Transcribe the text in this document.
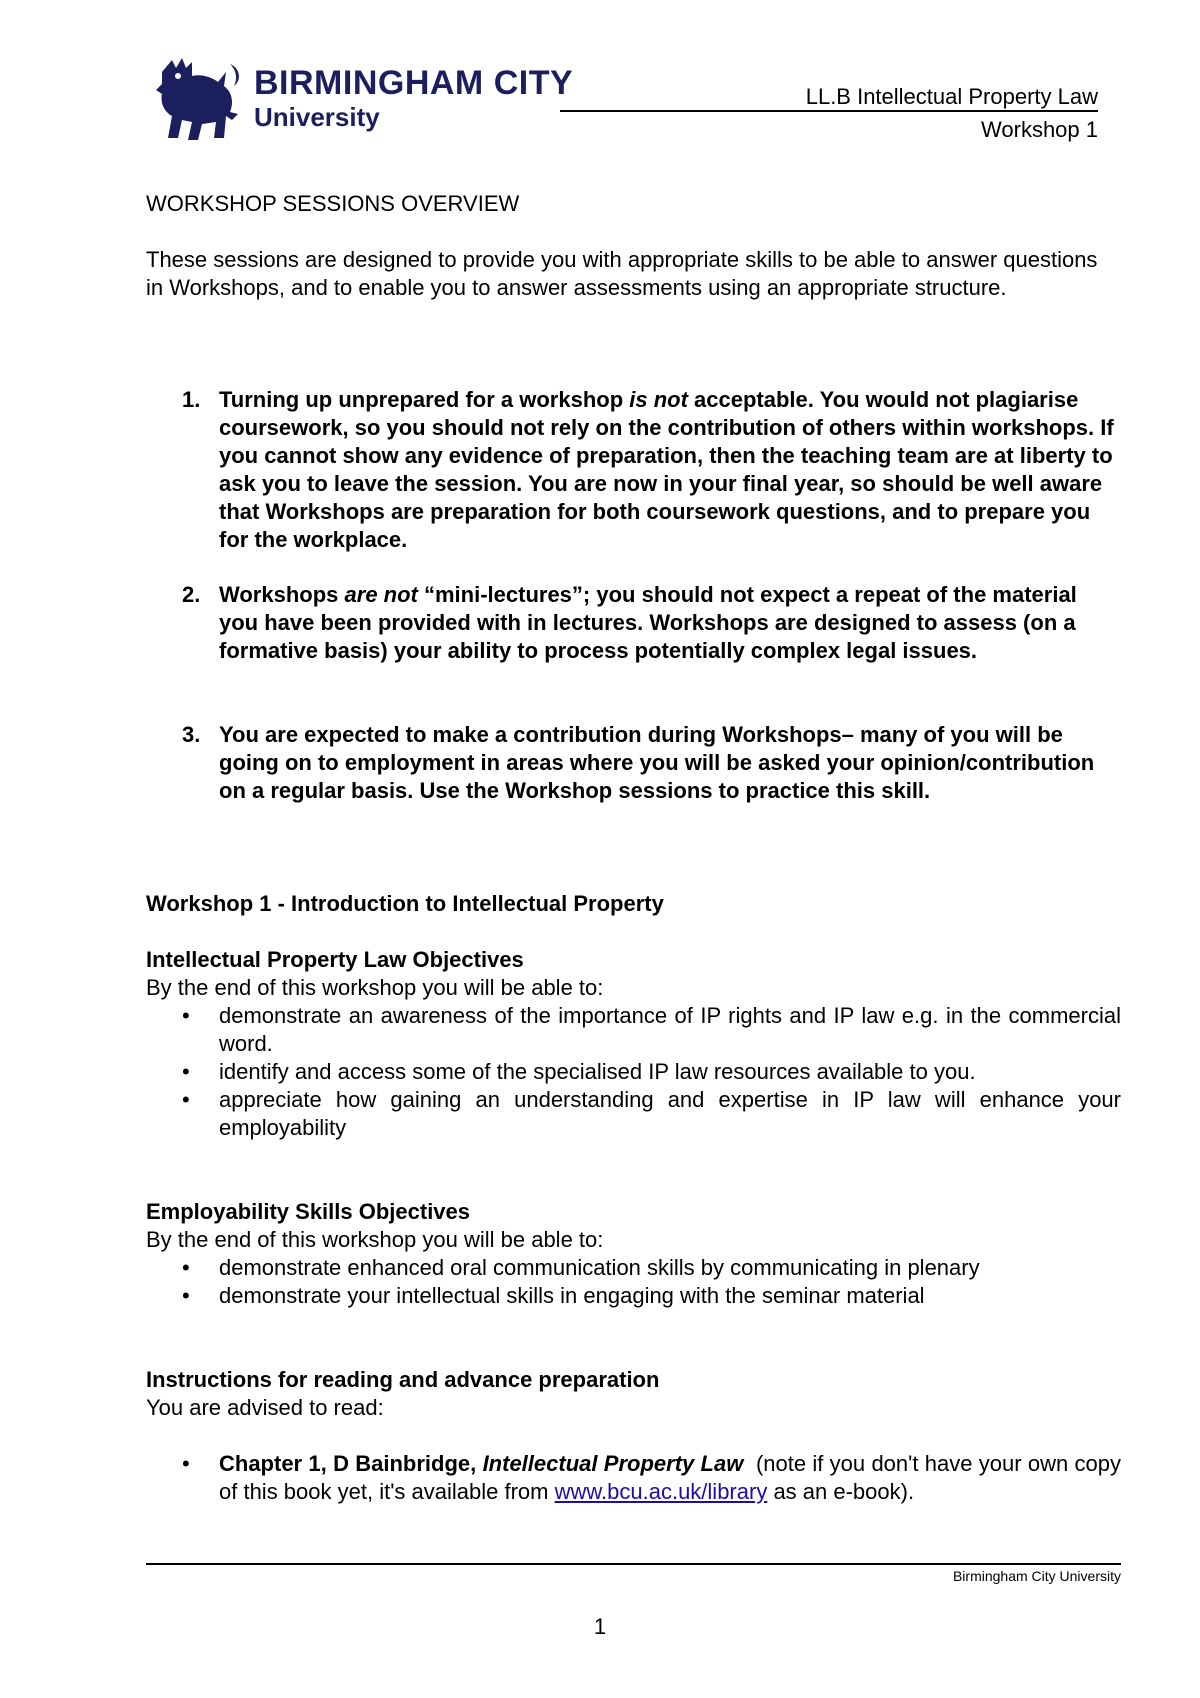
BIRMINGHAM CITY
University
LL.B Intellectual Property Law
Workshop 1
WORKSHOP SESSIONS OVERVIEW
These sessions are designed to provide you with appropriate skills to be able to answer questions in Workshops, and to enable you to answer assessments using an appropriate structure.
1. Turning up unprepared for a workshop is not acceptable. You would not plagiarise coursework, so you should not rely on the contribution of others within workshops. If you cannot show any evidence of preparation, then the teaching team are at liberty to ask you to leave the session. You are now in your final year, so should be well aware that Workshops are preparation for both coursework questions, and to prepare you for the workplace.
2. Workshops are not “mini-lectures”; you should not expect a repeat of the material you have been provided with in lectures. Workshops are designed to assess (on a formative basis) your ability to process potentially complex legal issues.
3. You are expected to make a contribution during Workshops– many of you will be going on to employment in areas where you will be asked your opinion/contribution on a regular basis. Use the Workshop sessions to practice this skill.
Workshop 1 - Introduction to Intellectual Property
Intellectual Property Law Objectives
By the end of this workshop you will be able to:
• demonstrate an awareness of the importance of IP rights and IP law e.g. in the commercial word.
• identify and access some of the specialised IP law resources available to you.
• appreciate how gaining an understanding and expertise in IP law will enhance your employability
Employability Skills Objectives
By the end of this workshop you will be able to:
• demonstrate enhanced oral communication skills by communicating in plenary
• demonstrate your intellectual skills in engaging with the seminar material
Instructions for reading and advance preparation
You are advised to read:
• Chapter 1, D Bainbridge, Intellectual Property Law  (note if you don't have your own copy of this book yet, it's available from www.bcu.ac.uk/library as an e-book).
Birmingham City University
1
